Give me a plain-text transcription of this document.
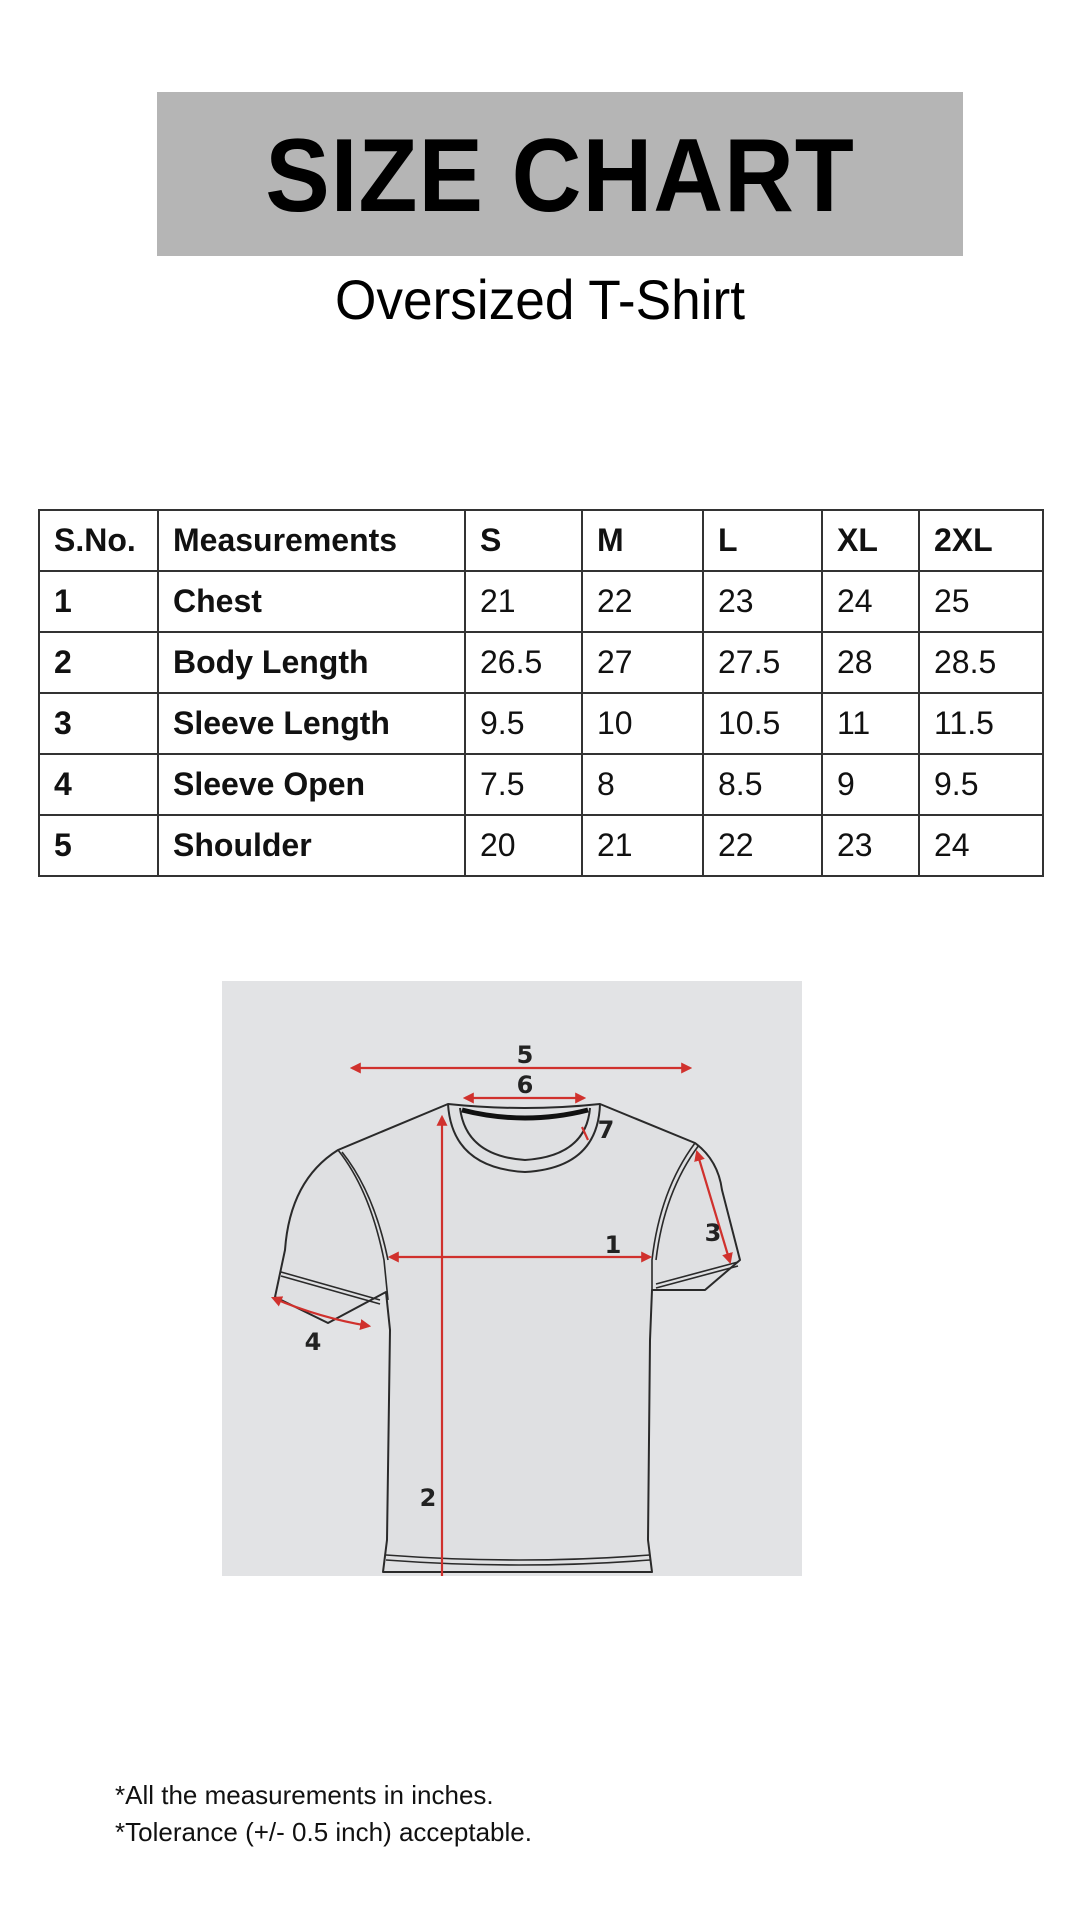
SIZE CHART
Oversized T-Shirt
S.No.	Measurements	S	M	L	XL	2XL
1	Chest	21	22	23	24	25
2	Body Length	26.5	27	27.5	28	28.5
3	Sleeve Length	9.5	10	10.5	11	11.5
4	Sleeve Open	7.5	8	8.5	9	9.5
5	Shoulder	20	21	22	23	24
5
6
7
1	3
4
2
*All the measurements in inches.
*Tolerance (+/- 0.5 inch) acceptable.
